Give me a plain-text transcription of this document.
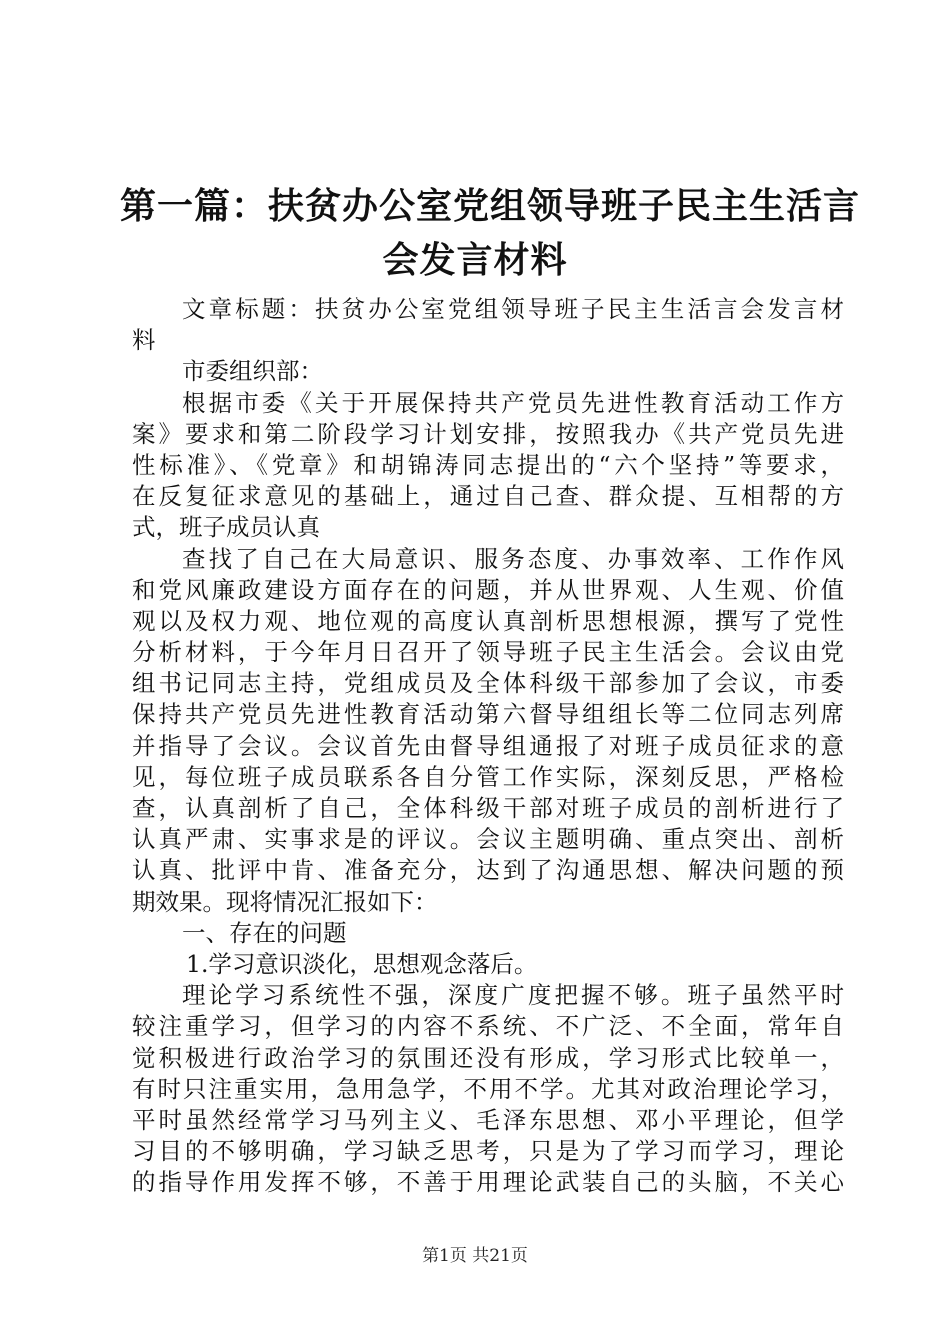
第一篇：扶贫办公室党组领导班子民主生活言
会发言材料
文章标题：扶贫办公室党组领导班子民主生活言会发言材
料
市委组织部：
根据市委《关于开展保持共产党员先进性教育活动工作方
案》要求和第二阶段学习计划安排，按照我办《共产党员先进
性标准》、《党章》和胡锦涛同志提出的“六个坚持”等要求，
在反复征求意见的基础上，通过自己查、群众提、互相帮的方
式，班子成员认真
查找了自己在大局意识、服务态度、办事效率、工作作风
和党风廉政建设方面存在的问题，并从世界观、人生观、价值
观以及权力观、地位观的高度认真剖析思想根源，撰写了党性
分析材料，于今年月日召开了领导班子民主生活会。会议由党
组书记同志主持，党组成员及全体科级干部参加了会议，市委
保持共产党员先进性教育活动第六督导组组长等二位同志列席
并指导了会议。会议首先由督导组通报了对班子成员征求的意
见，每位班子成员联系各自分管工作实际，深刻反思，严格检
查，认真剖析了自己，全体科级干部对班子成员的剖析进行了
认真严肃、实事求是的评议。会议主题明确、重点突出、剖析
认真、批评中肯、准备充分，达到了沟通思想、解决问题的预
期效果。现将情况汇报如下：
一、存在的问题
1.学习意识淡化，思想观念落后。
理论学习系统性不强，深度广度把握不够。班子虽然平时
较注重学习，但学习的内容不系统、不广泛、不全面，常年自
觉积极进行政治学习的氛围还没有形成，学习形式比较单一，
有时只注重实用，急用急学，不用不学。尤其对政治理论学习，
平时虽然经常学习马列主义、毛泽东思想、邓小平理论，但学
习目的不够明确，学习缺乏思考，只是为了学习而学习，理论
的指导作用发挥不够，不善于用理论武装自己的头脑，不关心
第1页 共21页
